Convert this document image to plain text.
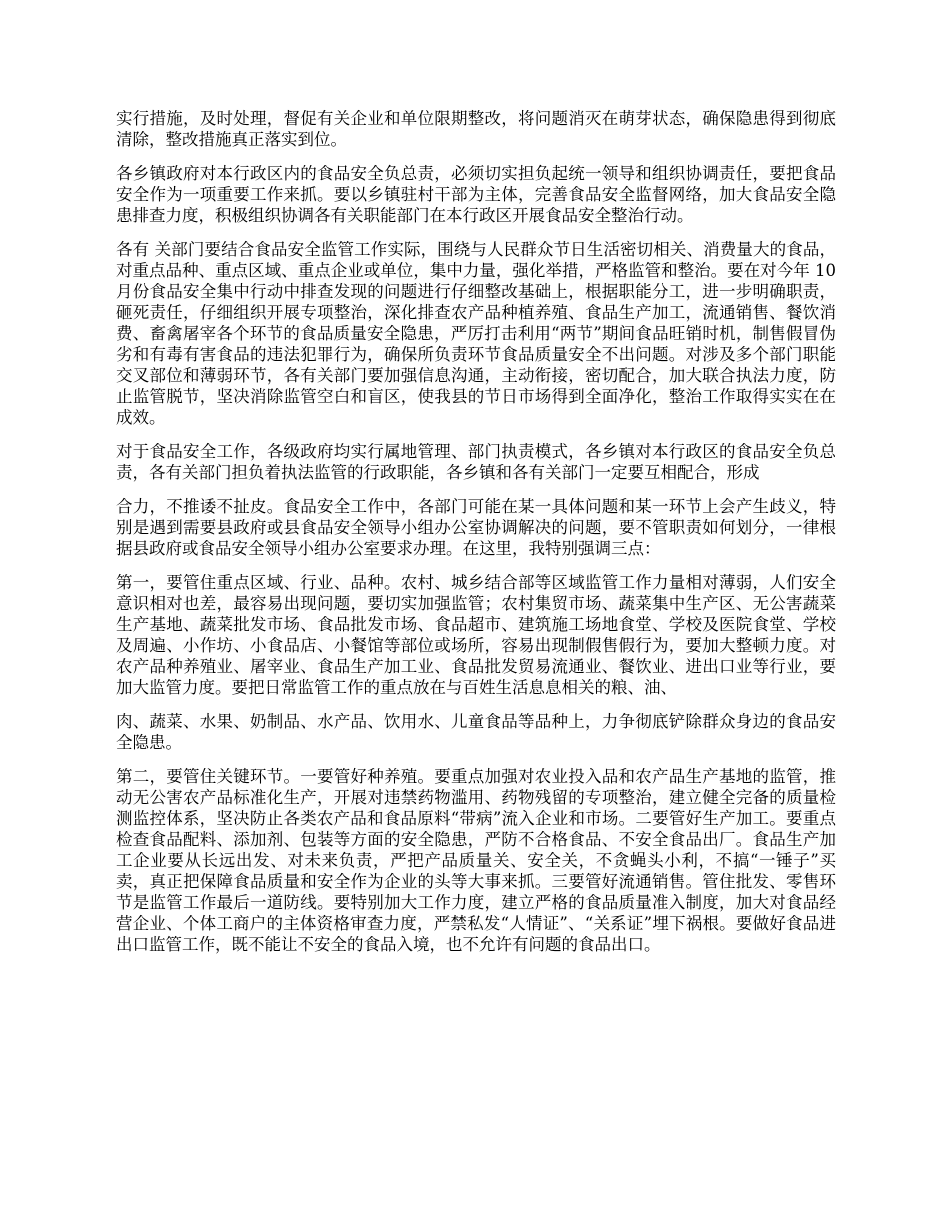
实行措施，及时处理，督促有关企业和单位限期整改，将问题消灭在萌芽状态，确保隐患得到彻底清除，整改措施真正落实到位。

各乡镇政府对本行政区内的食品安全负总责，必须切实担负起统一领导和组织协调责任，要把食品安全作为一项重要工作来抓。要以乡镇驻村干部为主体，完善食品安全监督网络，加大食品安全隐患排查力度，积极组织协调各有关职能部门在本行政区开展食品安全整治行动。

各有 关部门要结合食品安全监管工作实际，围绕与人民群众节日生活密切相关、消费量大的食品，对重点品种、重点区域、重点企业或单位，集中力量，强化举措，严格监管和整治。要在对今年 10 月份食品安全集中行动中排查发现的问题进行仔细整改基础上，根据职能分工，进一步明确职责，砸死责任，仔细组织开展专项整治，深化排查农产品种植养殖、食品生产加工，流通销售、餐饮消费、畜禽屠宰各个环节的食品质量安全隐患，严厉打击利用“两节”期间食品旺销时机，制售假冒伪劣和有毒有害食品的违法犯罪行为，确保所负责环节食品质量安全不出问题。对涉及多个部门职能交叉部位和薄弱环节，各有关部门要加强信息沟通，主动衔接，密切配合，加大联合执法力度，防止监管脱节，坚决消除监管空白和盲区，使我县的节日市场得到全面净化，整治工作取得实实在在成效。

对于食品安全工作，各级政府均实行属地管理、部门执责模式，各乡镇对本行政区的食品安全负总责，各有关部门担负着执法监管的行政职能，各乡镇和各有关部门一定要互相配合，形成

合力，不推诿不扯皮。食品安全工作中，各部门可能在某一具体问题和某一环节上会产生歧义，特别是遇到需要县政府或县食品安全领导小组办公室协调解决的问题，要不管职责如何划分，一律根据县政府或食品安全领导小组办公室要求办理。在这里，我特别强调三点：

第一，要管住重点区域、行业、品种。农村、城乡结合部等区域监管工作力量相对薄弱，人们安全意识相对也差，最容易出现问题，要切实加强监管；农村集贸市场、蔬菜集中生产区、无公害蔬菜生产基地、蔬菜批发市场、食品批发市场、食品超市、建筑施工场地食堂、学校及医院食堂、学校及周遍、小作坊、小食品店、小餐馆等部位或场所，容易出现制假售假行为，要加大整顿力度。对农产品种养殖业、屠宰业、食品生产加工业、食品批发贸易流通业、餐饮业、进出口业等行业，要加大监管力度。要把日常监管工作的重点放在与百姓生活息息相关的粮、油、

肉、蔬菜、水果、奶制品、水产品、饮用水、儿童食品等品种上，力争彻底铲除群众身边的食品安全隐患。

第二，要管住关键环节。一要管好种养殖。要重点加强对农业投入品和农产品生产基地的监管，推动无公害农产品标准化生产，开展对违禁药物滥用、药物残留的专项整治，建立健全完备的质量检测监控体系，坚决防止各类农产品和食品原料“带病”流入企业和市场。二要管好生产加工。要重点检查食品配料、添加剂、包装等方面的安全隐患，严防不合格食品、不安全食品出厂。食品生产加工企业要从长远出发、对未来负责，严把产品质量关、安全关，不贪蝇头小利，不搞“一锤子”买卖，真正把保障食品质量和安全作为企业的头等大事来抓。三要管好流通销售。管住批发、零售环节是监管工作最后一道防线。要特别加大工作力度，建立严格的食品质量准入制度，加大对食品经营企业、个体工商户的主体资格审查力度，严禁私发“人情证”、“关系证”埋下祸根。要做好食品进出口监管工作，既不能让不安全的食品入境，也不允许有问题的食品出口。
